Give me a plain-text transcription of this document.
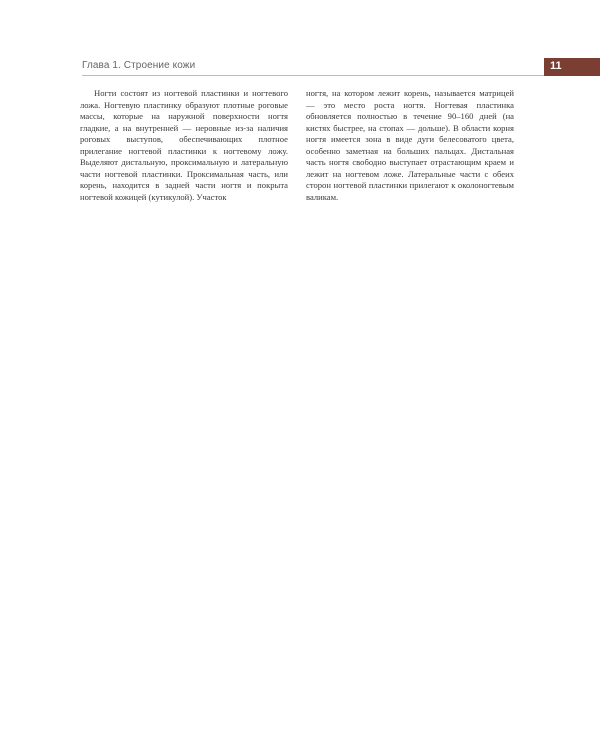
Глава 1. Строение кожи	11

Ногти состоят из ногтевой пластинки и ногтевого ложа. Ногтевую пластинку образуют плотные роговые массы, которые на наружной поверхности ногтя гладкие, а на внутренней — неровные из-за наличия роговых выступов, обеспечивающих плотное прилегание ногтевой пластинки к ногтевому ложу. Выделяют дистальную, проксимальную и латеральную части ногтевой пластинки. Проксимальная часть, или корень, находится в задней части ногтя и покрыта ногтевой кожицей (кутикулой). Участок

ногтя, на котором лежит корень, называется матрицей — это место роста ногтя. Ногтевая пластинка обновляется полностью в течение 90–160 дней (на кистях быстрее, на стопах — дольше). В области корня ногтя имеется зона в виде дуги белесоватого цвета, особенно заметная на больших пальцах. Дистальная часть ногтя свободно выступает отрастающим краем и лежит на ногтевом ложе. Латеральные части с обеих сторон ногтевой пластинки прилегают к околоногтевым валикам.
